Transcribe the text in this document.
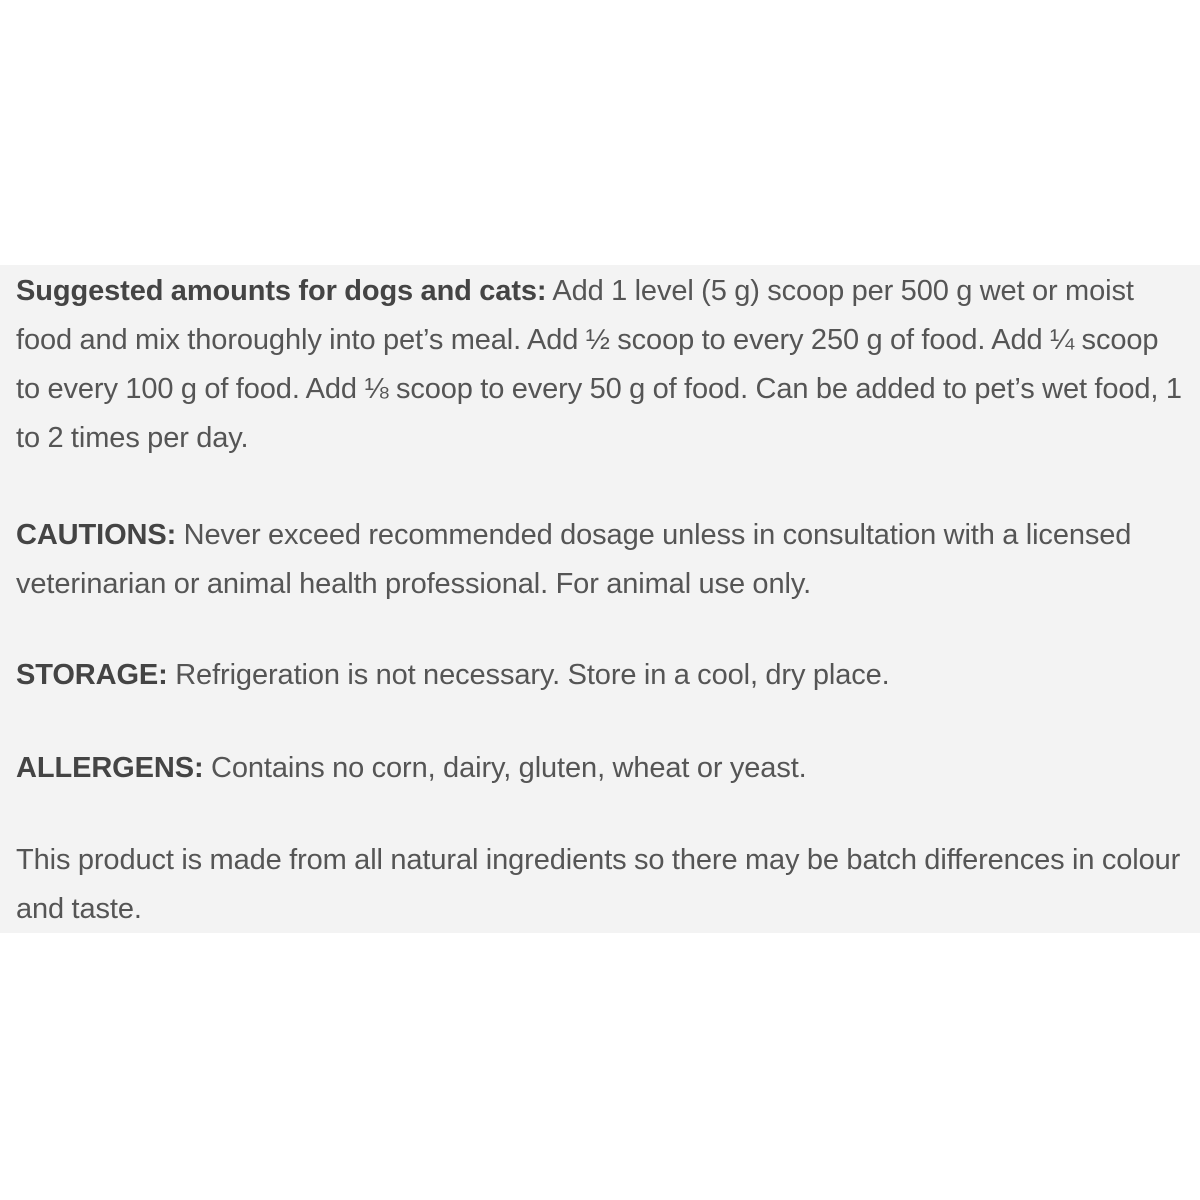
Suggested amounts for dogs and cats: Add 1 level (5 g) scoop per 500 g wet or moist food and mix thoroughly into pet’s meal. Add ½ scoop to every 250 g of food. Add ¼ scoop to every 100 g of food. Add ⅛ scoop to every 50 g of food. Can be added to pet’s wet food, 1 to 2 times per day.

CAUTIONS: Never exceed recommended dosage unless in consultation with a licensed veterinarian or animal health professional. For animal use only.

STORAGE: Refrigeration is not necessary. Store in a cool, dry place.

ALLERGENS: Contains no corn, dairy, gluten, wheat or yeast.

This product is made from all natural ingredients so there may be batch differences in colour and taste.
